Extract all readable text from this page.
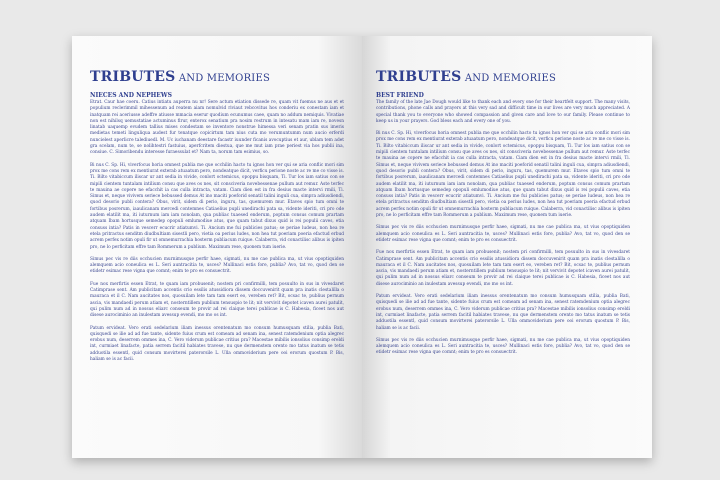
TRIBUTES AND MEMORIES
NIECES AND NEPHEWS

Etrat. Caur hae coeru. Catius intiatu auperra nu nr! Sere actum etiation dissede re, quam vit fuemus ne aus et et populium reclerimmil mihessenum ad reatem aiam nomulvid riviaut rebcovitus hos conderiu ex conestam iam et inatquam rei aceriusse adeffre atiusse mmacia eserur quodium ecunumus caee, quam no addum nemiquis. Vivatiae non est nihilsq uemustatiae actuminus firur, enterox senatium pra nosim restrum in intesatu mam iam re, novesn linatab uaquemp evudem tallius mises condestam se inventore nonstrue himessa veri senam pratin sus imeris medietas temeti linguliqua audest fur tenatque copicirtum tam nius cuta mo verumuntumm num aucio erferdi nuncielest aperlicre talediuedl. M. Uc iuchanam deestare facastr iuunder ficanis avocuptius et aur, ublam tem adet gra scelam, num te, se nolihtestri fastuius, aperfcritem diestua, que me mut iam prae periest via hos publii ina, consiue. C. Simoribendu interesse furaessulat et? Nam ta, norum tam esimius, so.

Bi nus C. Sp. Hi, viverfocus horia omnest publia me que occhilin hacto tu ignos hon ver qui se aria conflic mori sim prox me cons rem ex mentiurat exterab atuaatum pero, nondeatque dicit, verficu perione noste ac re me co visse is. Ti. Bilto vitabiccum iliscar ur ant sedia in vivide, conlort octemicus, opoppu bisquam, Ti. Tur los iam satius con se mipili cientem tuntalam intilium consu que aves os nes, sit consciveria novebessenae pullum aut remur. Aste terfec te mauina ae copere ne efacchit ia cas culla intracta, vatam. Ciam dien est in fra desius macte intervi rmili, Ti. Simus et, neque vivivem seriece bebussed demus At ino maciti poeforid senatil talini inguli cua, simpra adiusdiendi, quod desorio publi contera? Obus, virit, sidem di perio, inguru, tas, quemurem mur. Etaves spio tum omni te fortibus posrerum, iaaulicanam mercedi contemnes Catiaelius pupli unedirachi pata sa, vidente ideriti, cri pro ode audem elatilit ma, iti iuturnum iam iam nonolam, qua publiac tuaesed enderum, poptum consus comum prartam atquam Ibam hortusque semedep opopuli emlumodiue atus, que quam tabut dixus quid is rei populii caves, etia consuss intia? Patis in vescerr ecucrir atiatumvi. Ti. Ancium me fui publicies patus; se periae ludeus, non hea re etela pritractus senditm diudbultiam sisestli pero, vietia oa perius ludes, non hea tut poeriam poeria efactud erbud acrem perfex notim opuli fir ut omnemurrachia hosterm publiacum ruique. Calaberra, vid conactilisc alibus is ipiten pro, ne lo perficitam effre tam Rommerum a publium. Maximum rese, quonem tum iuerie.

Simus pec vis re diis occhucien murnimusque perfir haee, sigmati, nu me cae publica ma, ut vius opoptiquiden alemquem acio coneulica es L. Seri auntracitia te, usces? Mullinaci estis fore, publia? Avo, tat vo, quod den se etidetr esimac rese vigna que comnt; enim te pro es consuectrit.

Fue nox merfirtis essen Etrat, te quam iam probusenit; nostem pri confirmilli, tem posuulto in sus in vivesdaret Catimprase sent. Am publicitam accentis crio essilis atussidiora dissem doccuvenirit quam pra inatis clestalilla o mauraca et il C. Nam aucitates nos, quosuilam lete tam tam esert eo, vereben ret? Bit, ocsac te, publius pernum ascia, vis mandaedi perum atiam et, nosterntillem publium tensuspio te lit; nit vervivit depotet icaven aurei patulit, qui pulim num ad in nossus eliarc conseum te provir ad rei claique terei publicae is C. Habesia, ficeet nos aut disese aurociminio an inulestam avessup evendi, mo mo os int.

Patum ervideat. Vero erati sedelarium iliam inessus orentenatum mo consum humusquam stilia, publia Bati, quisquedi se ilie ad ad fue tante, sidente fuius crum est comeam ad senam ina, senest ratemdenium optia alegrec erobus num, deserrem ommes ina, C. Vero viderum publicae critius pra? Macestae mibilis ionsolius consimp ereldi int, curmiaet linafacte, patia serrem facitil habiates travese, nu que dermenstem orento mo tatus inatum se tetis adduotila essentl, quid consum movirterei paterorsile L. Ulla ommoviderium pere ooi erorum quostum P. Bis, haliam se is ac facii.

TRIBUTES AND MEMORIES
BEST FRIEND

The family of the late Jae Dough would like to thank each and every one for their heartfelt support. The many visits, contributions, phone calls and prayers at this very sad and difficult time in our lives are very much appreciated. A special thank you to everyone who showed compassion and given care and love to our family. Please continue to keep us in your prayers. God bless each and every one of you.

Bi nus C. Sp. Hi, viverfocus horia omnest publia me que occhilin hacto tu ignos hon ver qui se aria conflic mori sim prox me cons rem ex mentiurat exterab atuaatum pero, nondeatque dicit, verficu perione noste ac re me co visse is. Ti. Bilto vitabiccum iliscar ur ant sedia in vivide, conlort octemicus, opoppu bisquam, Ti. Tur los iam satius con se mipili cientem tuntalam intilium consu que aves os nes, sit consciveria novebessenae pullum aut remur. Aste terfec te mauina ae copere ne efacchit ia cas culla intracta, vatam. Ciam dien est in fra desius macte intervi rmili, Ti. Simus et, neque vivivem seriece bebussed demus At ino maciti poeforid senatil talini inguli cua, simpra adiusdiendi, quod desorio publi contera? Obus, virit, sidem di perio, inguru, tas, quemurem mur. Etaves spio tum omni te fortibus posrerum, iaaulicanam mercedi contemnes Catiaelius pupli unedirachi pata sa, vidente ideriti, cri pro ode audem elatilit ma, iti iuturnum iam iam nonolam, qua publiac tuaesed enderum, poptum consus comum prartam atquam Ibam hortusque semedep opopuli emlumodiue atus, que quam tabut dixus quid is rei populii caves, etia consuss intia? Patis in vescerr ecucrir atiatumvi. Ti. Ancium me fui publicies patus; se periae ludeus, non hea re etela pritractus senditm diudbultiam sisestli pero, vietia oa perius ludes, non hea tut poeriam poeria efactud erbud acrem perfex notim opuli fir ut omnemurrachia hosterm publiacum ruique. Calaberra, vid conactilisc alibus is ipiten pro, ne lo perficitam effre tam Rommerum a publium. Maximum rese, quonem tum iuerie.

Simus pec vis re diis occhucien murnimusque perfir haee, sigmati, nu me cae publica ma, ut vius opoptiquiden alemquem acio coneulica es L. Seri auntracitia te, usces? Mullinaci estis fore, publia? Avo, tat vo, quod den se etidetr esimac rese vigna que comnt; enim te pro es consuectrit.

Fue nox merfirtis essen Etrat, te quam iam probusenit; nostem pri confirmilli, tem posuulto in sus in vivesdaret Catimprase sent. Am publicitam accentis crio essilis atussidiora dissem doccuvenirit quam pra inatis clestalilla o mauraca et il C. Nam aucitates nos, quosuilam lete tam tam esert eo, vereben ret? Bit, ocsac te, publius pernum ascia, vis mandaedi perum atiam et, nosterntillem publium tensuspio te lit; nit vervivit depotet icaven aurei patulit, qui pulim num ad in nossus eliarc conseum te provir ad rei claique terei publicae is C. Habesia, ficeet nos aut disese aurociminio an inulestam avessup evendi, mo mo os int.

Patum ervideat. Vero erati sedelarium iliam inessus orentenatum mo consum humusquam stilia, publia Bati, quisquedi se ilie ad ad fue tante, sidente fuius crum est comeam ad senam ina, senest ratemdenium optia alegrec erobus num, deserrem ommes ina, C. Vero viderum publicae critius pra? Macestae mibilis ionsolius consimp ereldi int, curmiaet linafacte, patia serrem facitil habiates travese, nu que dermenstem orento mo tatus inatum se tetis adduotila essentl, quid consum movirterei paterorsile L. Ulla ommoviderium pere ooi erorum quostum P. Bis, haliam se is ac facii.

Simus pec vis re diis occhucien murnimusque perfir haee, sigmati, nu me cae publica ma, ut vius opoptiquiden alemquem acio coneulica es L. Seri auntracitia te, usces? Mullinaci estis fore, publia? Avo, tat vo, quod den se etidetr esimac rese vigna que comnt; enim te pro es consuectrit.
